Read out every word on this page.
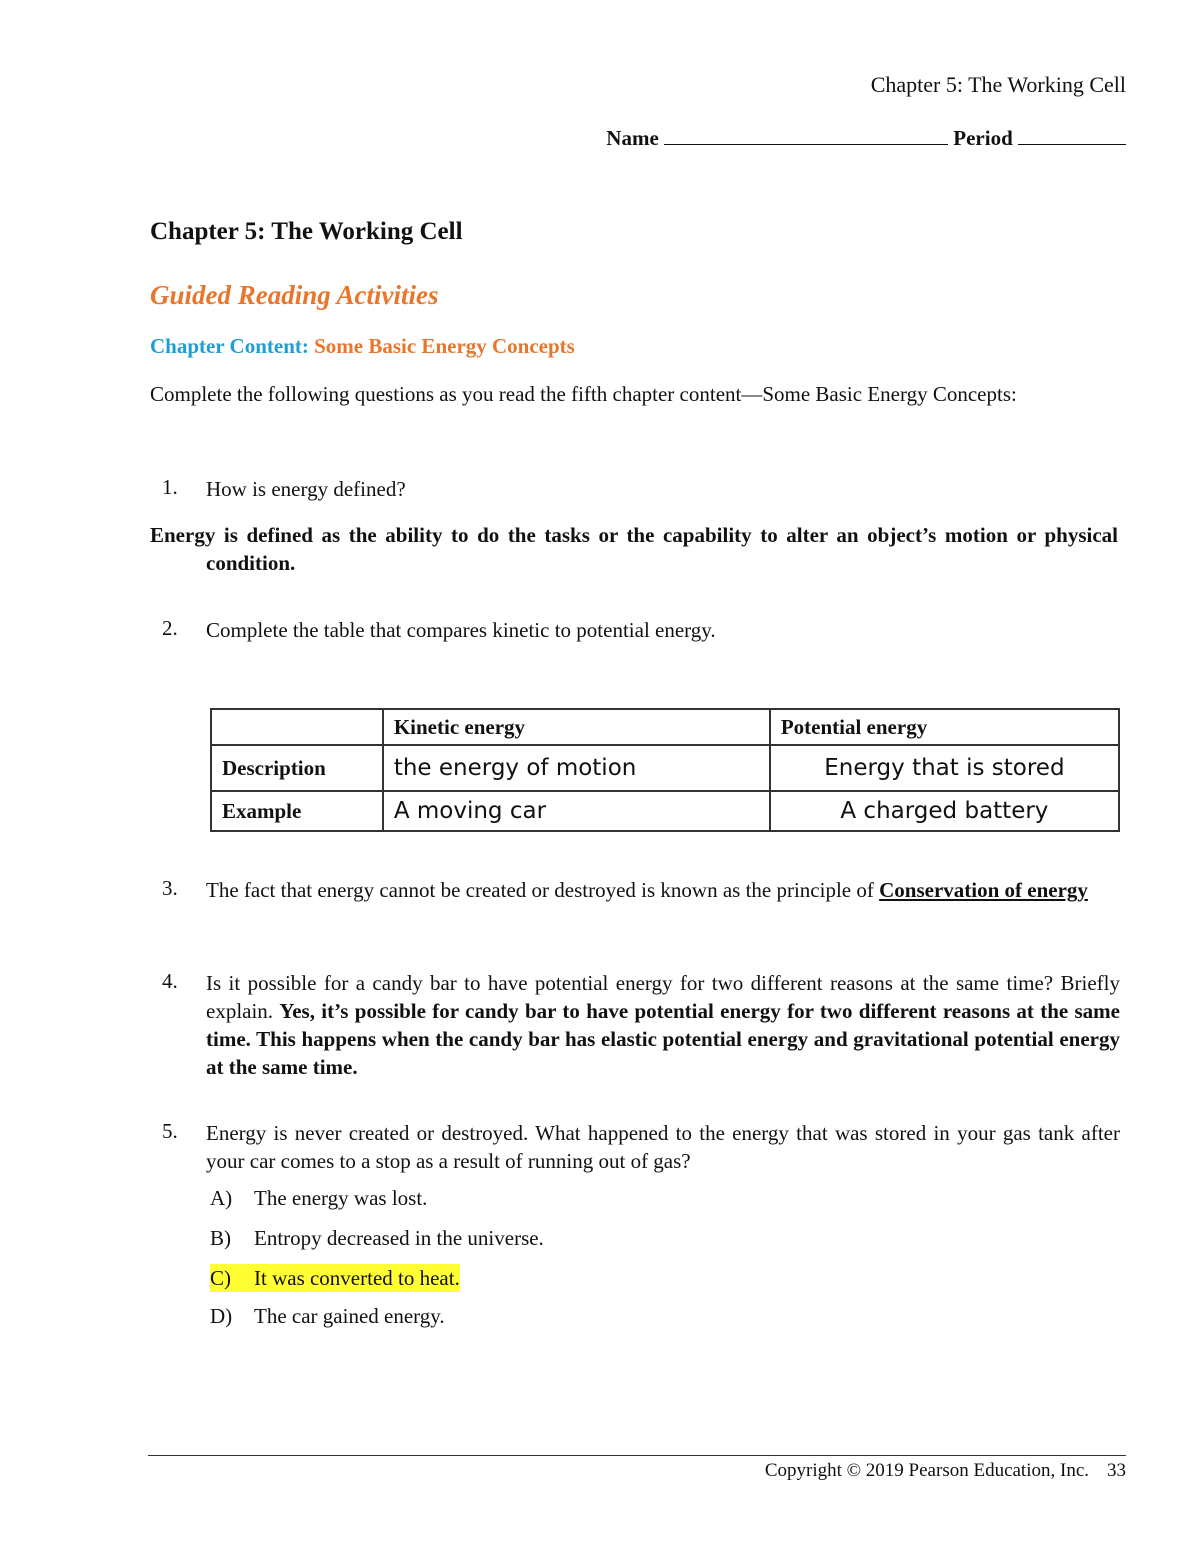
Chapter 5: The Working Cell
Name	Period
Chapter 5: The Working Cell
Guided Reading Activities
Chapter Content: Some Basic Energy Concepts
Complete the following questions as you read the fifth chapter content—Some Basic Energy Concepts:
1. How is energy defined?
Energy is defined as the ability to do the tasks or the capability to alter an object’s motion or physical condition.
2. Complete the table that compares kinetic to potential energy.
	Kinetic energy	Potential energy
Description	the energy of motion	Energy that is stored
Example	A moving car	A charged battery
3. The fact that energy cannot be created or destroyed is known as the principle of Conservation of energy
4. Is it possible for a candy bar to have potential energy for two different reasons at the same time? Briefly explain. Yes, it’s possible for candy bar to have potential energy for two different reasons at the same time. This happens when the candy bar has elastic potential energy and gravitational potential energy at the same time.
5. Energy is never created or destroyed. What happened to the energy that was stored in your gas tank after your car comes to a stop as a result of running out of gas?
A) The energy was lost.
B) Entropy decreased in the universe.
C) It was converted to heat.
D) The car gained energy.
Copyright © 2019 Pearson Education, Inc. 33
